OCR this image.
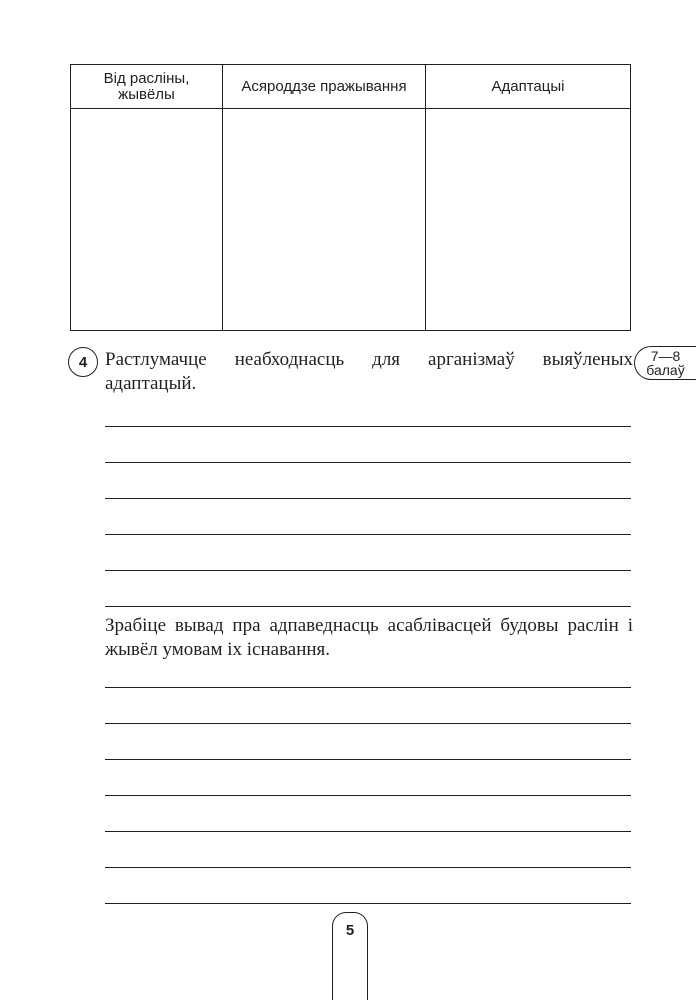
Від расліны, жывёлы	Асяроддзе пражывання	Адаптацыі

4 Растлумачце неабходнасць для арганізмаў выяўленых адаптацый.
7—8
балаў
Зрабіце вывад пра адпаведнасць асаблівасцей будовы раслін і жывёл умовам іх існавання.
5
